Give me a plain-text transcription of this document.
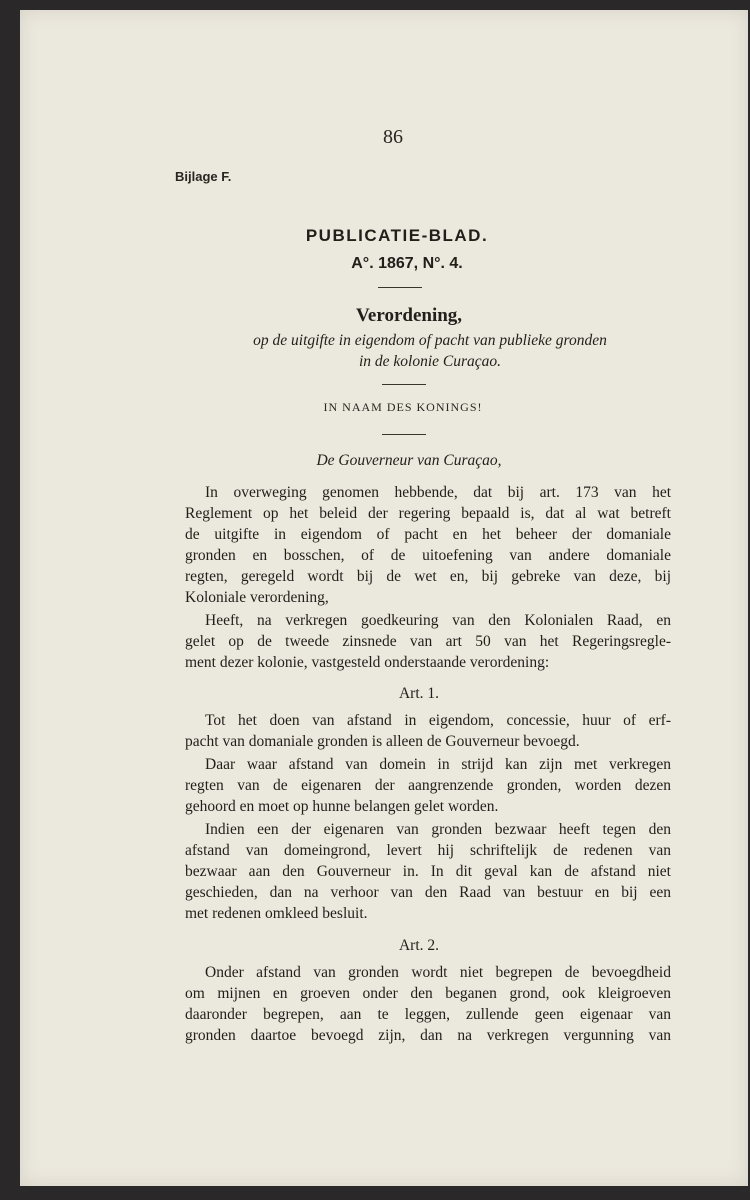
86
Bijlage F.
PUBLICATIE-BLAD.
A°. 1867, N°. 4.
Verordening,
op de uitgifte in eigendom of pacht van publieke gronden
in de kolonie Curaçao.
IN NAAM DES KONINGS!
De Gouverneur van Curaçao,
In overweging genomen hebbende, dat bij art. 173 van het
Reglement op het beleid der regering bepaald is, dat al wat betreft
de uitgifte in eigendom of pacht en het beheer der domaniale
gronden en bosschen, of de uitoefening van andere domaniale
regten, geregeld wordt bij de wet en, bij gebreke van deze, bij
Koloniale verordening,
Heeft, na verkregen goedkeuring van den Kolonialen Raad, en
gelet op de tweede zinsnede van art 50 van het Regeringsregle-
ment dezer kolonie, vastgesteld onderstaande verordening:
Art. 1.
Tot het doen van afstand in eigendom, concessie, huur of erf-
pacht van domaniale gronden is alleen de Gouverneur bevoegd.
Daar waar afstand van domein in strijd kan zijn met verkregen
regten van de eigenaren der aangrenzende gronden, worden dezen
gehoord en moet op hunne belangen gelet worden.
Indien een der eigenaren van gronden bezwaar heeft tegen den
afstand van domeingrond, levert hij schriftelijk de redenen van
bezwaar aan den Gouverneur in. In dit geval kan de afstand niet
geschieden, dan na verhoor van den Raad van bestuur en bij een
met redenen omkleed besluit.
Art. 2.
Onder afstand van gronden wordt niet begrepen de bevoegdheid
om mijnen en groeven onder den beganen grond, ook kleigroeven
daaronder begrepen, aan te leggen, zullende geen eigenaar van
gronden daartoe bevoegd zijn, dan na verkregen vergunning van
